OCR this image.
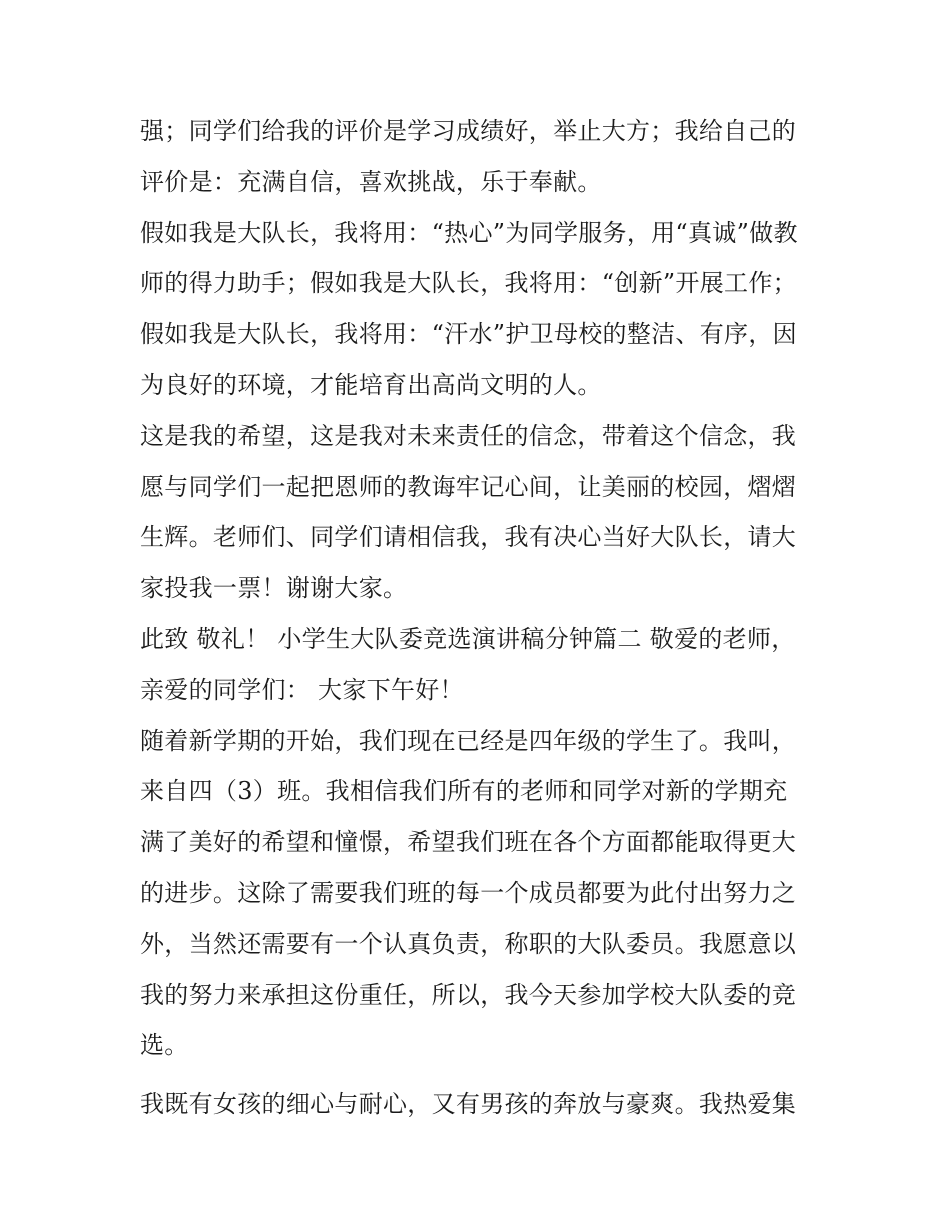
强；同学们给我的评价是学习成绩好，举止大方；我给自己的
评价是：充满自信，喜欢挑战，乐于奉献。
假如我是大队长，我将用：“热心”为同学服务，用“真诚”做教
师的得力助手；假如我是大队长，我将用：“创新”开展工作；
假如我是大队长，我将用：“汗水”护卫母校的整洁、有序，因
为良好的环境，才能培育出高尚文明的人。
这是我的希望，这是我对未来责任的信念，带着这个信念，我
愿与同学们一起把恩师的教诲牢记心间，让美丽的校园，熠熠
生辉。老师们、同学们请相信我，我有决心当好大队长，请大
家投我一票！谢谢大家。
此致 敬礼！ 小学生大队委竞选演讲稿分钟篇二 敬爱的老师，
亲爱的同学们： 大家下午好！
随着新学期的开始，我们现在已经是四年级的学生了。我叫，
来自四（3）班。我相信我们所有的老师和同学对新的学期充
满了美好的希望和憧憬，希望我们班在各个方面都能取得更大
的进步。这除了需要我们班的每一个成员都要为此付出努力之
外，当然还需要有一个认真负责，称职的大队委员。我愿意以
我的努力来承担这份重任，所以，我今天参加学校大队委的竞
选。
我既有女孩的细心与耐心，又有男孩的奔放与豪爽。我热爱集
